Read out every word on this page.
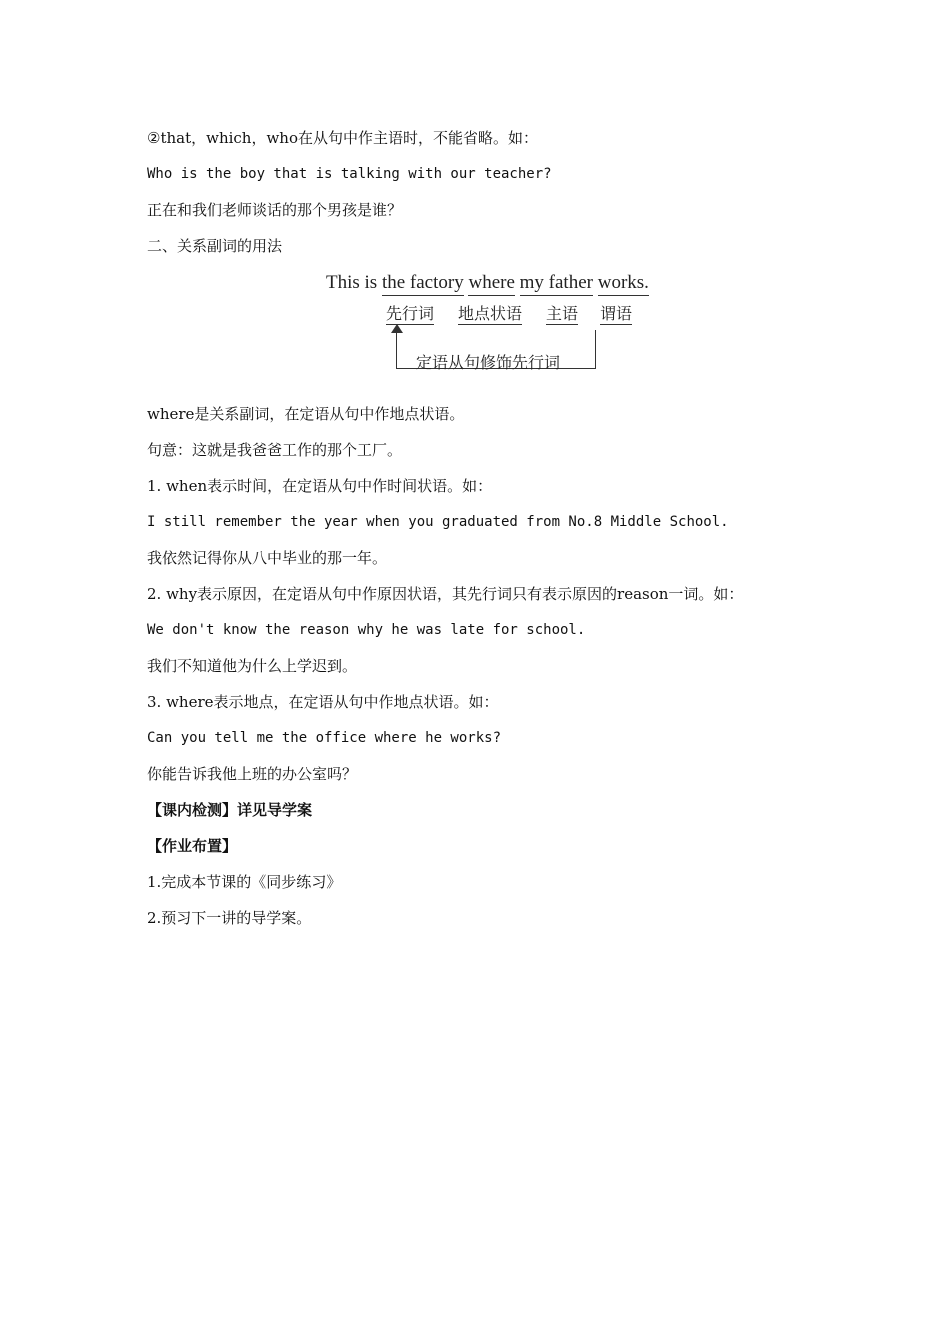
②that，which，who在从句中作主语时，不能省略。如：
Who is the boy that is talking with our teacher?
正在和我们老师谈话的那个男孩是谁？
二、关系副词的用法
This is the factory where my father works.
先行词 地点状语 主语 谓语
定语从句修饰先行词
where是关系副词，在定语从句中作地点状语。
句意：这就是我爸爸工作的那个工厂。
1. when表示时间，在定语从句中作时间状语。如：
I still remember the year when you graduated from No.8 Middle School.
我依然记得你从八中毕业的那一年。
2. why表示原因，在定语从句中作原因状语，其先行词只有表示原因的reason一词。如：
We don't know the reason why he was late for school.
我们不知道他为什么上学迟到。
3. where表示地点，在定语从句中作地点状语。如：
Can you tell me the office where he works?
你能告诉我他上班的办公室吗？
【课内检测】详见导学案
【作业布置】
1.完成本节课的《同步练习》
2.预习下一讲的导学案。
